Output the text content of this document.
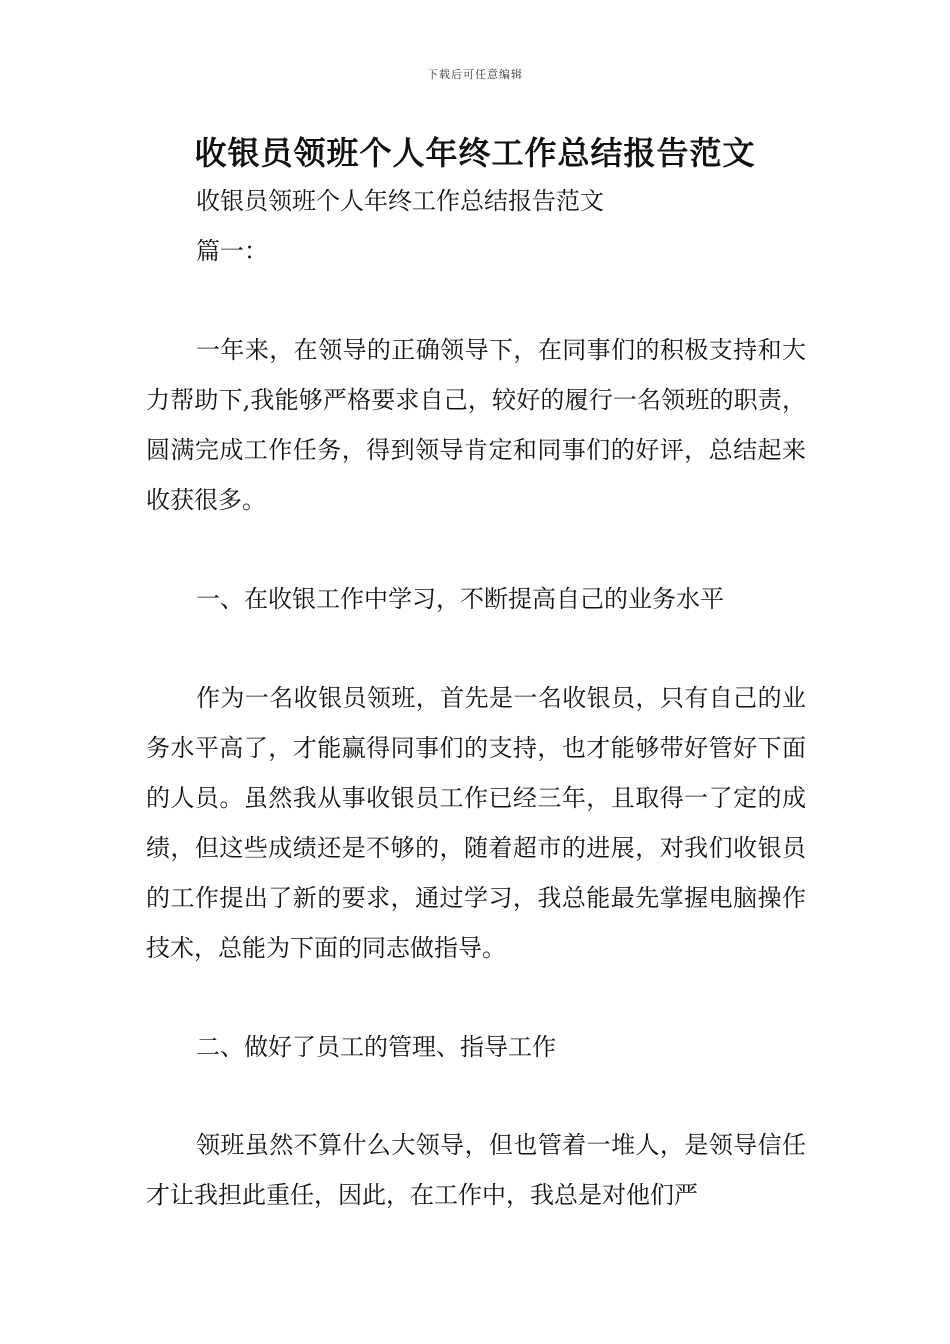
下载后可任意编辑
收银员领班个人年终工作总结报告范文
收银员领班个人年终工作总结报告范文
篇一：
一年来，在领导的正确领导下，在同事们的积极支持和大力帮助下,我能够严格要求自己，较好的履行一名领班的职责，圆满完成工作任务，得到领导肯定和同事们的好评，总结起来收获很多。
一、在收银工作中学习，不断提高自己的业务水平
作为一名收银员领班，首先是一名收银员，只有自己的业务水平高了，才能赢得同事们的支持，也才能够带好管好下面的人员。虽然我从事收银员工作已经三年，且取得一了定的成绩，但这些成绩还是不够的，随着超市的进展，对我们收银员的工作提出了新的要求，通过学习，我总能最先掌握电脑操作技术，总能为下面的同志做指导。
二、做好了员工的管理、指导工作
领班虽然不算什么大领导，但也管着一堆人，是领导信任才让我担此重任，因此，在工作中，我总是对他们严
